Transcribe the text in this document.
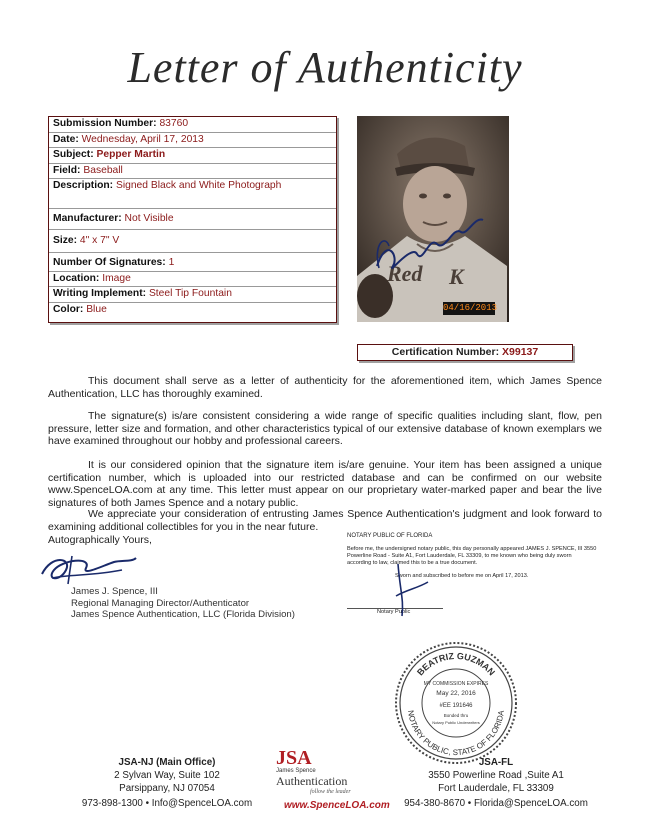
Letter of Authenticity
Submission Number: 83760
Date: Wednesday, April 17, 2013
Subject: Pepper Martin
Field: Baseball
Description: Signed Black and White Photograph
Manufacturer: Not Visible
Size: 4" x 7" V
Number Of Signatures: 1
Location: Image
Writing Implement: Steel Tip Fountain
Color: Blue
Red K
04/16/2013
Certification Number: X99137
This document shall serve as a letter of authenticity for the aforementioned item, which James Spence Authentication, LLC has thoroughly examined.
The signature(s) is/are consistent considering a wide range of specific qualities including slant, flow, pen pressure, letter size and formation, and other characteristics typical of our extensive database of known exemplars we have examined throughout our hobby and professional careers.
It is our considered opinion that the signature item is/are genuine. Your item has been assigned a unique certification number, which is uploaded into our restricted database and can be confirmed on our website www.SpenceLOA.com at any time. This letter must appear on our proprietary water-marked paper and bear the live signatures of both James Spence and a notary public.
We appreciate your consideration of entrusting James Spence Authentication's judgment and look forward to examining additional collectibles for you in the near future.
Autographically Yours,
James J. Spence, III
Regional Managing Director/Authenticator
James Spence Authentication, LLC (Florida Division)
NOTARY PUBLIC OF FLORIDA
Before me, the undersigned notary public, this day personally appeared JAMES J. SPENCE, III 3550 Powerline Road - Suite A1, Fort Lauderdale, FL 33309, to me known who being duly sworn according to law, claimed this to be a true document.
Sworn and subscribed to before me on April 17, 2013.
Notary Public
BEATRIZ GUZMAN
NOTARY PUBLIC, STATE OF FLORIDA
MY COMMISSION EXPIRES
May 22, 2016
#EE 191646
Bonded thru
Notary Public Underwriters
JSA-NJ (Main Office)
2 Sylvan Way, Suite 102
Parsippany, NJ 07054
973-898-1300 • Info@SpenceLOA.com
JSA
James Spence
Authentication
follow the leader
www.SpenceLOA.com
JSA-FL
3550 Powerline Road ,Suite A1
Fort Lauderdale, FL 33309
954-380-8670 • Florida@SpenceLOA.com
